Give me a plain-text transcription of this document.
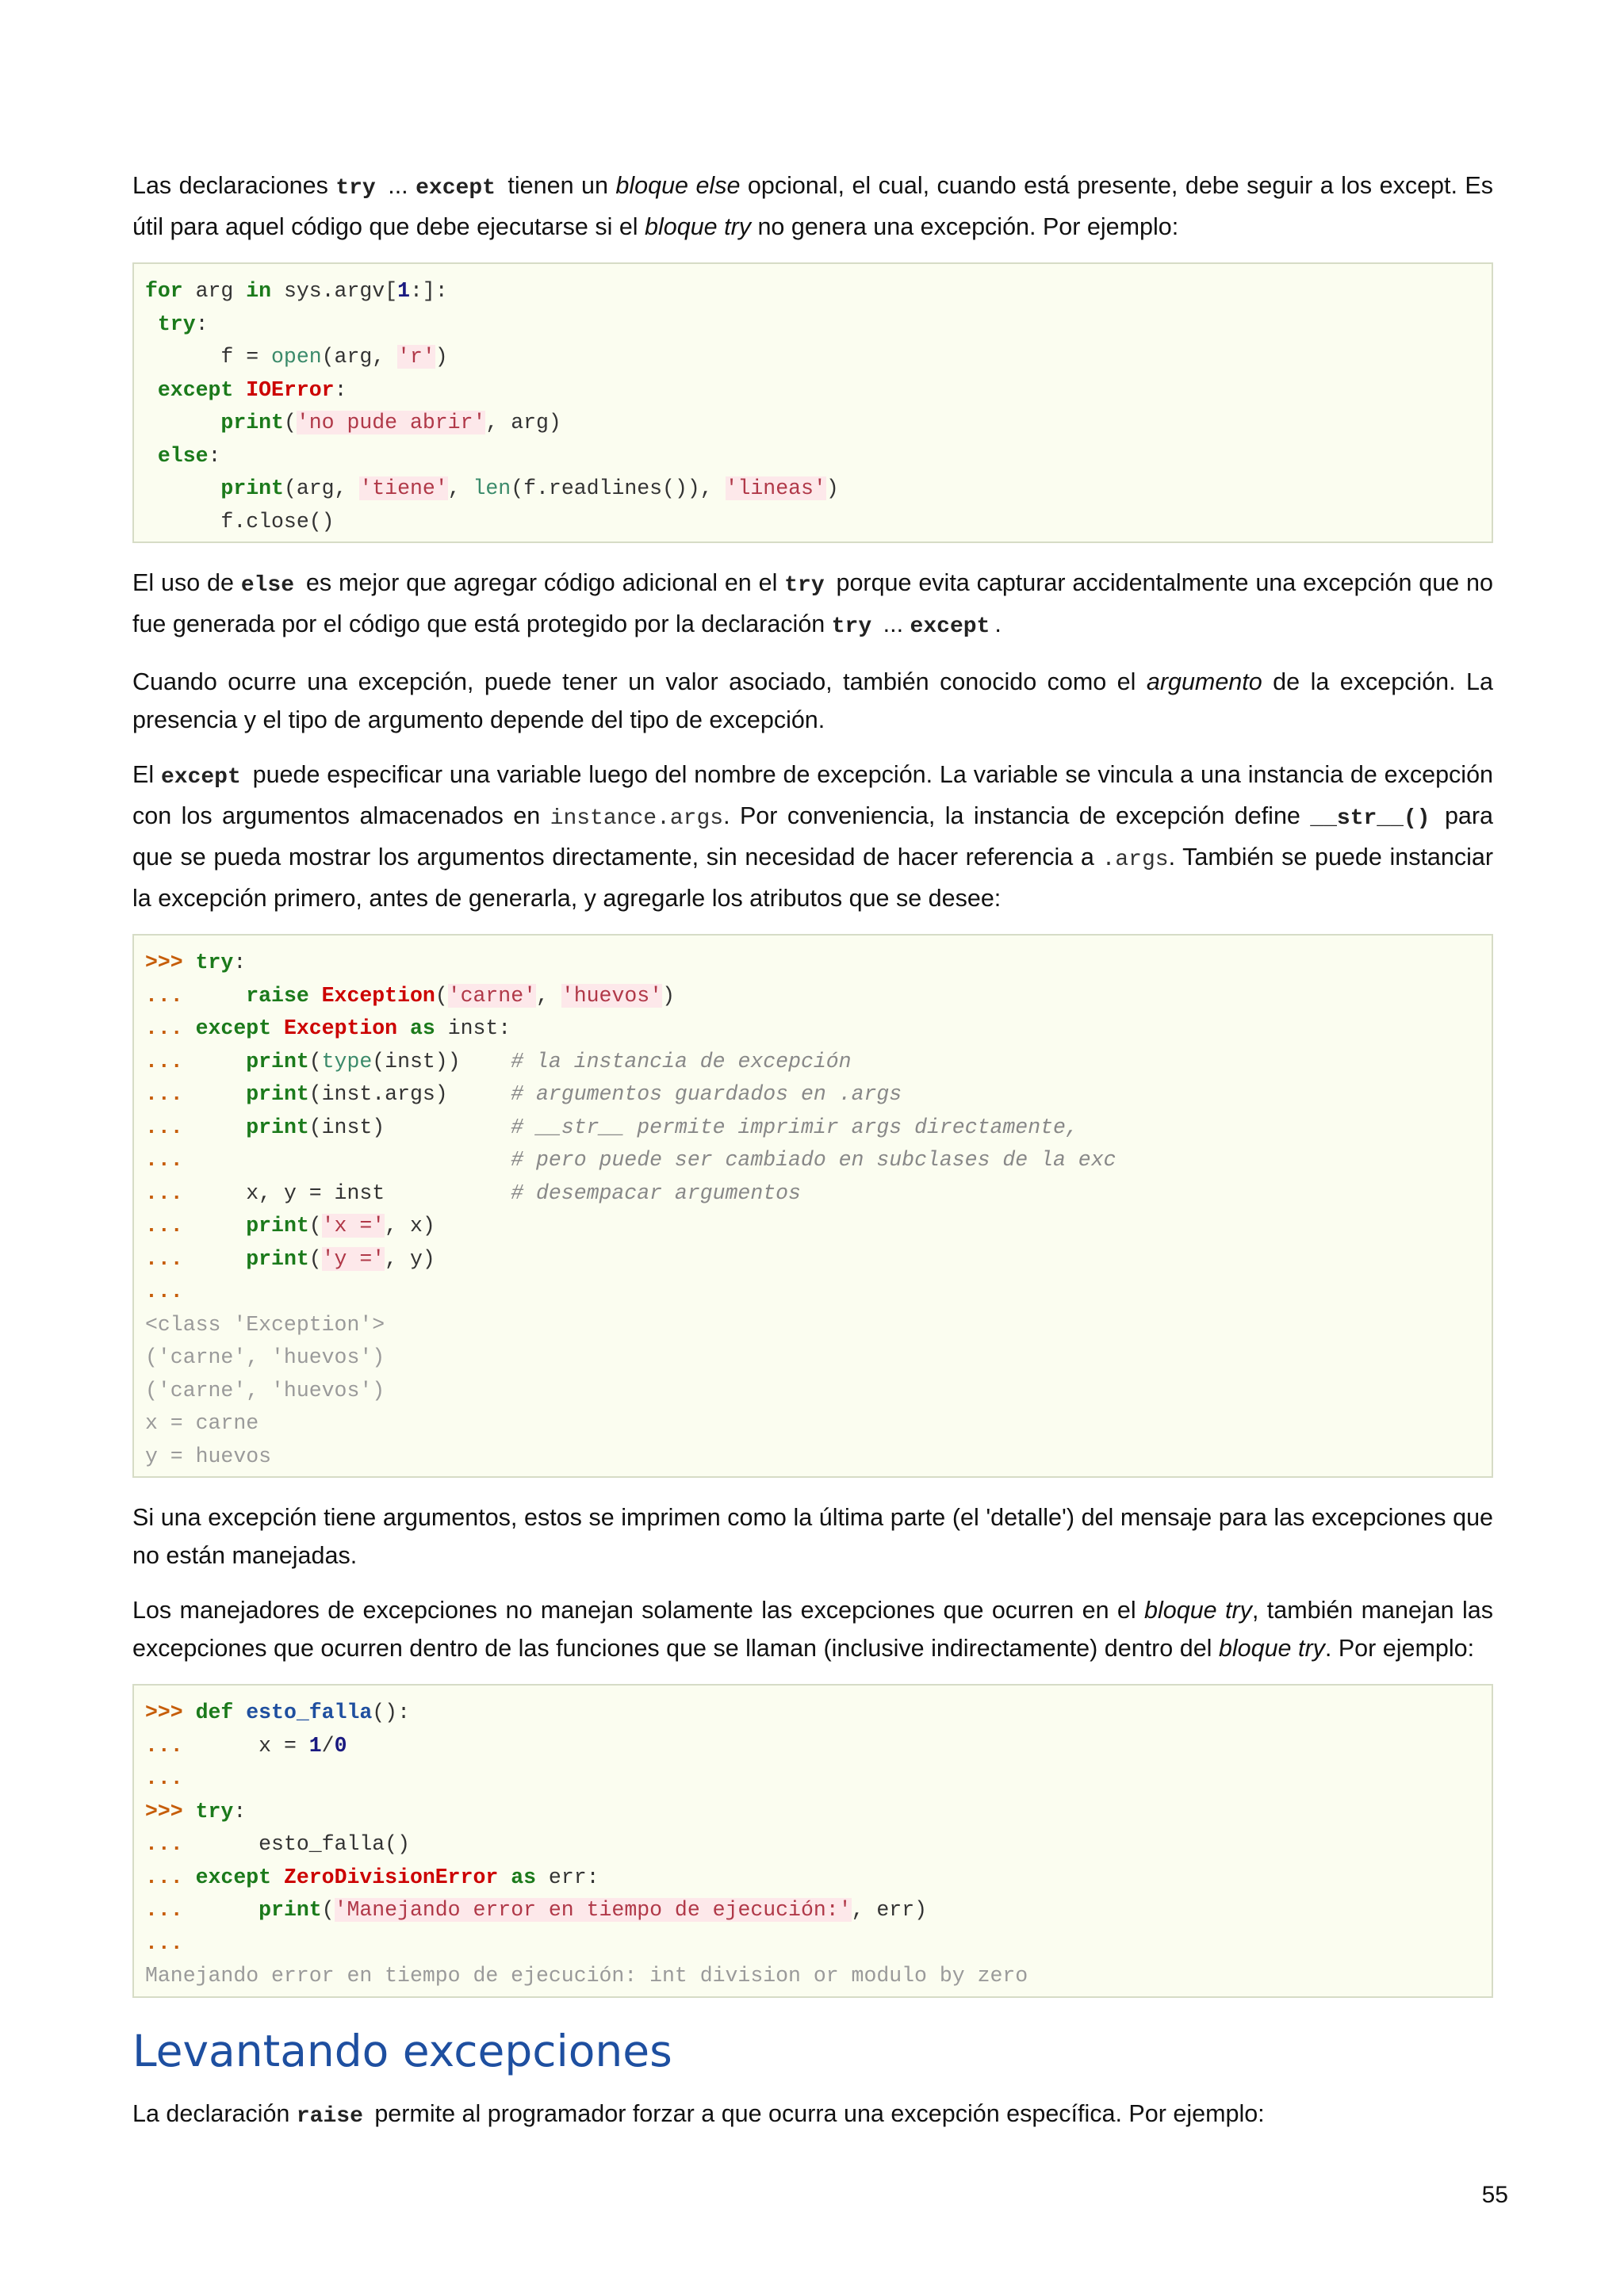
Las declaraciones try ... except tienen un bloque else opcional, el cual, cuando está presente, debe seguir a los except. Es útil para aquel código que debe ejecutarse si el bloque try no genera una excepción. Por ejemplo:

for arg in sys.argv[1:]:
try:
f = open(arg, 'r')
except IOError:
print('no pude abrir', arg)
else:
print(arg, 'tiene', len(f.readlines()), 'lineas')
f.close()

El uso de else es mejor que agregar código adicional en el try porque evita capturar accidentalmente una excepción que no fue generada por el código que está protegido por la declaración try ... except .

Cuando ocurre una excepción, puede tener un valor asociado, también conocido como el argumento de la excepción. La presencia y el tipo de argumento depende del tipo de excepción.

El except puede especificar una variable luego del nombre de excepción. La variable se vincula a una instancia de excepción con los argumentos almacenados en instance.args. Por conveniencia, la instancia de excepción define __str__() para que se pueda mostrar los argumentos directamente, sin necesidad de hacer referencia a .args. También se puede instanciar la excepción primero, antes de generarla, y agregarle los atributos que se desee:

>>> try:
...	raise Exception('carne', 'huevos')
... except Exception as inst:
...	print(type(inst))    # la instancia de excepción
...	print(inst.args)     # argumentos guardados en .args
...	print(inst)          # __str__ permite imprimir args directamente,
...	# pero puede ser cambiado en subclases de la exc
...     x, y = inst          # desempacar argumentos
...	print('x =', x)
...	print('y =', y)
...
<class 'Exception'>
('carne', 'huevos')
('carne', 'huevos')
x = carne
y = huevos

Si una excepción tiene argumentos, estos se imprimen como la última parte (el 'detalle') del mensaje para las excepciones que no están manejadas.

Los manejadores de excepciones no manejan solamente las excepciones que ocurren en el bloque try, también manejan las excepciones que ocurren dentro de las funciones que se llaman (inclusive indirectamente) dentro del bloque try. Por ejemplo:

>>> def esto_falla():
...      x = 1/0
...
>>> try:
...      esto_falla()
... except ZeroDivisionError as err:
...	print('Manejando error en tiempo de ejecución:', err)
...
Manejando error en tiempo de ejecución: int division or modulo by zero
Levantando excepciones

La declaración raise permite al programador forzar a que ocurra una excepción específica. Por ejemplo:

55
